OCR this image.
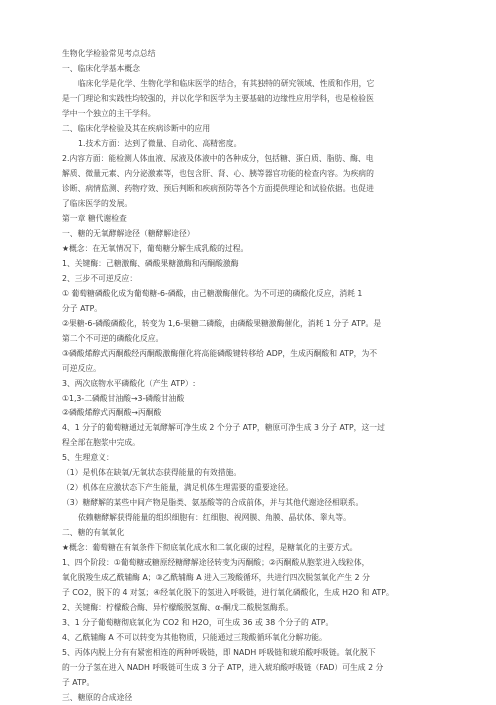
生物化学检验常见考点总结

一、临床化学基本概念

临床化学是化学、生物化学和临床医学的结合，有其独特的研究领域、性质和作用，它

是一门理论和实践性均较强的，并以化学和医学为主要基础的边缘性应用学科，也是检验医

学中一个独立的主干学科。

二、临床化学检验及其在疾病诊断中的应用

1.技术方面：达到了微量、自动化、高精密度。

2.内容方面：能检测人体血液、尿液及体液中的各种成分，包括糖、蛋白质、脂肪、酶、电

解质、微量元素、内分泌激素等，也包含肝、肾、心、胰等器官功能的检查内容。为疾病的

诊断、病情监测、药物疗效、预后判断和疾病预防等各个方面提供理论和试验依据。也促进

了临床医学的发展。

第一章 糖代谢检查

一、糖的无氧酵解途径（糖酵解途径）

★概念：在无氧情况下，葡萄糖分解生成乳酸的过程。

1、关键酶：己糖激酶、磷酸果糖激酶和丙酮酸激酶

2、三步不可逆反应：

① 葡萄糖磷酸化成为葡萄糖-6-磷酸，由己糖激酶催化。为不可逆的磷酸化反应，消耗 1

分子 ATP。

②果糖-6-磷酸磷酸化，转变为 1,6-果糖二磷酸，由磷酸果糖激酶催化，消耗 1 分子 ATP。是

第二个不可逆的磷酸化反应。

③磷酸烯醇式丙酮酸经丙酮酸激酶催化将高能磷酸键转移给 ADP，生成丙酮酸和 ATP，为不

可逆反应。

3、两次底物水平磷酸化（产生 ATP）:

①1,3-二磷酸甘油酸→3-磷酸甘油酸

②磷酸烯醇式丙酮酸→丙酮酸

4、1 分子的葡萄糖通过无氧酵解可净生成 2 个分子 ATP，糖原可净生成 3 分子 ATP，这一过

程全部在胞浆中完成。

5、生理意义：

（1）是机体在缺氧/无氧状态获得能量的有效措施。

（2）机体在应激状态下产生能量，满足机体生理需要的重要途径。

（3）糖酵解的某些中间产物是脂类、氨基酸等的合成前体，并与其他代谢途径相联系。

依赖糖酵解获得能量的组织细胞有：红细胞、视网膜、角膜、晶状体、睾丸等。

二、糖的有氧氧化

★概念：葡萄糖在有氧条件下彻底氧化成水和二氧化碳的过程，是糖氧化的主要方式。

1、四个阶段：①葡萄糖或糖原经糖酵解途径转变为丙酮酸；②丙酮酸从胞浆进入线粒体，

氧化脱羧生成乙酰辅酶 A；③乙酰辅酶 A 进入三羧酸循环，共进行四次脱氢氧化产生 2 分

子 CO2，脱下的 4 对氢；④经氧化脱下的氢进入呼吸链，进行氧化磷酸化，生成 H2O 和 ATP。

2、关键酶：柠檬酸合酶、异柠檬酸脱氢酶、α-酮戊二酸脱氢酶系。

3、1 分子葡萄糖彻底氧化为 CO2 和 H2O，可生成 36 或 38 个分子的 ATP。

4、乙酰辅酶 A 不可以转变为其他物质，只能通过三羧酸循环氧化分解功能。

5、丙体内脱上分有有紧密相连的两种呼吸链，即 NADH 呼吸链和琥珀酸呼吸链。氧化脱下

的一分子氢在进入 NADH 呼吸链可生成 3 分子 ATP，进入琥珀酸呼吸链（FAD）可生成 2 分

子 ATP。

三、糖原的合成途径
